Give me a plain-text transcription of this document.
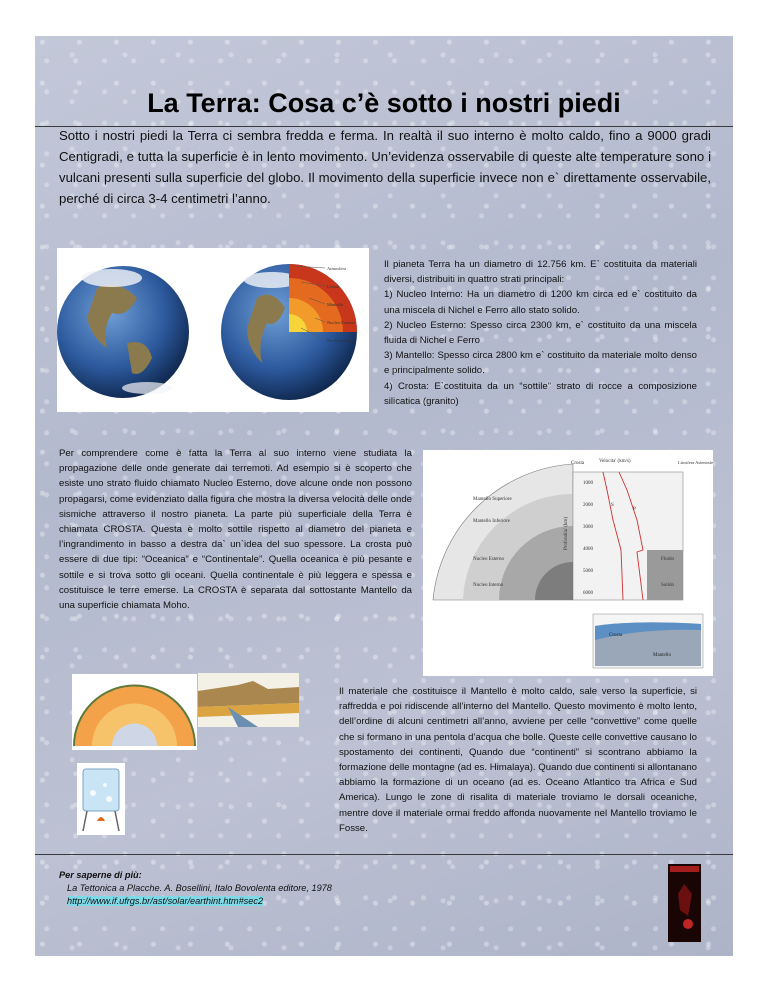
La Terra: Cosa c’è sotto i nostri piedi
Sotto i nostri piedi la Terra ci sembra fredda e ferma. In realtà il suo interno è molto caldo, fino a 9000 gradi Centigradi, e tutta la superficie è in lento movimento. Un’evidenza osservabile di queste alte temperature sono i vulcani presenti sulla superficie del globo. Il movimento della superficie invece non e` direttamente osservabile, perché di circa 3-4 centimetri l’anno.
Atmosfera
Crosta
Mantello
Nucleo Esterno
Nucleo Interno
Il pianeta Terra ha un diametro di 12.756 km. E` costituita da materiali diversi, distribuiti in quattro strati principali:
1) Nucleo Interno: Ha un diametro di 1200 km circa ed e` costituito da una miscela di Nichel e Ferro allo stato solido.
2) Nucleo Esterno: Spesso circa 2300 km, e` costituito da una miscela fluida di Nichel e Ferro
3) Mantello: Spesso circa 2800 km e` costituito da materiale molto denso e principalmente solido.
4) Crosta: E`costituita da un “sottile” strato di rocce a composizione silicatica (granito)
Per comprendere come è fatta la Terra al suo interno viene studiata la propagazione delle onde generate dai terremoti. Ad esempio si è scoperto che esiste uno strato fluido chiamato Nucleo Esterno, dove alcune onde non possono propagarsi, come evidenziato dalla figura che mostra la diversa velocità delle onde sismiche attraverso il nostro pianeta. La parte più superficiale della Terra è chiamata CROSTA. Questa è molto sottile rispetto al diametro del pianeta e l’ingrandimento in basso a destra da` un`idea del suo spessore. La crosta può essere di due tipi: “Oceanica” e “Continentale”. Quella oceanica è più pesante e sottile e si trova sotto gli oceani. Quella continentale è più leggera e spessa e costituisce le terre emerse. La CROSTA è separata dal sottostante Mantello da una superficie chiamata Moho.
Mantello Superiore
Mantello Inferiore
Nucleo Esterno
Nucleo Interno
Crosta	Velocita' (km/s)	Litosfera Astenosfera
Profondita' (km)
1000
2000
3000
4000
5000
6000
S
P
Fluido
Solido
Crosta
Mantello
Il materiale che costituisce il Mantello è molto caldo, sale verso la superficie, si raffredda e poi ridiscende all’interno del Mantello. Questo movimento è molto lento, dell’ordine di alcuni centimetri all’anno, avviene per celle “convettive” come quelle che si formano in una pentola d’acqua che bolle. Queste celle convettive causano lo spostamento dei continenti, Quando due “continenti” si scontrano abbiamo la formazione delle montagne (ad es. Himalaya). Quando due continenti si allontanano abbiamo la formazione di un oceano (ad es. Oceano Atlantico tra Africa e Sud America). Lungo le zone di risalita di materiale troviamo le dorsali oceaniche, mentre dove il materiale ormai freddo affonda nuovamente nel Mantello troviamo le Fosse.
Per saperne di più:
La Tettonica a Placche. A. Bosellini, Italo Bovolenta editore, 1978
http://www.if.ufrgs.br/ast/solar/earthint.htm#sec2
